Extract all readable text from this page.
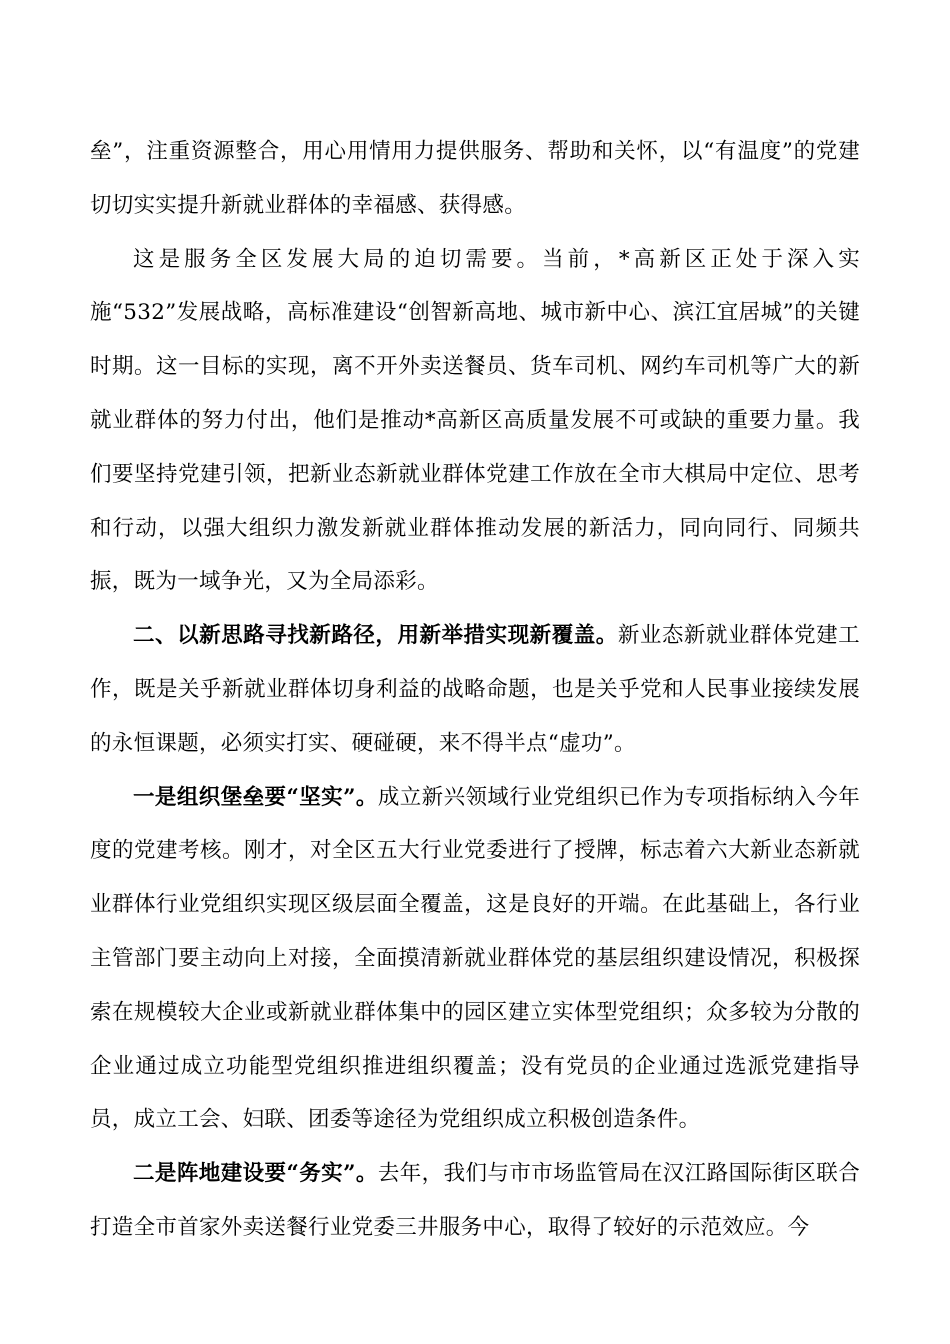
垒”，注重资源整合，用心用情用力提供服务、帮助和关怀，以“有温度”的党建切切实实提升新就业群体的幸福感、获得感。

这是服务全区发展大局的迫切需要。当前，*高新区正处于深入实施“532”发展战略，高标准建设“创智新高地、城市新中心、滨江宜居城”的关键时期。这一目标的实现，离不开外卖送餐员、货车司机、网约车司机等广大的新就业群体的努力付出，他们是推动*高新区高质量发展不可或缺的重要力量。我们要坚持党建引领，把新业态新就业群体党建工作放在全市大棋局中定位、思考和行动，以强大组织力激发新就业群体推动发展的新活力，同向同行、同频共振，既为一域争光，又为全局添彩。

二、以新思路寻找新路径，用新举措实现新覆盖。新业态新就业群体党建工作，既是关乎新就业群体切身利益的战略命题，也是关乎党和人民事业接续发展的永恒课题，必须实打实、硬碰硬，来不得半点“虚功”。

一是组织堡垒要“坚实”。成立新兴领域行业党组织已作为专项指标纳入今年度的党建考核。刚才，对全区五大行业党委进行了授牌，标志着六大新业态新就业群体行业党组织实现区级层面全覆盖，这是良好的开端。在此基础上，各行业主管部门要主动向上对接，全面摸清新就业群体党的基层组织建设情况，积极探索在规模较大企业或新就业群体集中的园区建立实体型党组织；众多较为分散的企业通过成立功能型党组织推进组织覆盖；没有党员的企业通过选派党建指导员，成立工会、妇联、团委等途径为党组织成立积极创造条件。

二是阵地建设要“务实”。去年，我们与市市场监管局在汉江路国际街区联合打造全市首家外卖送餐行业党委三井服务中心，取得了较好的示范效应。今
